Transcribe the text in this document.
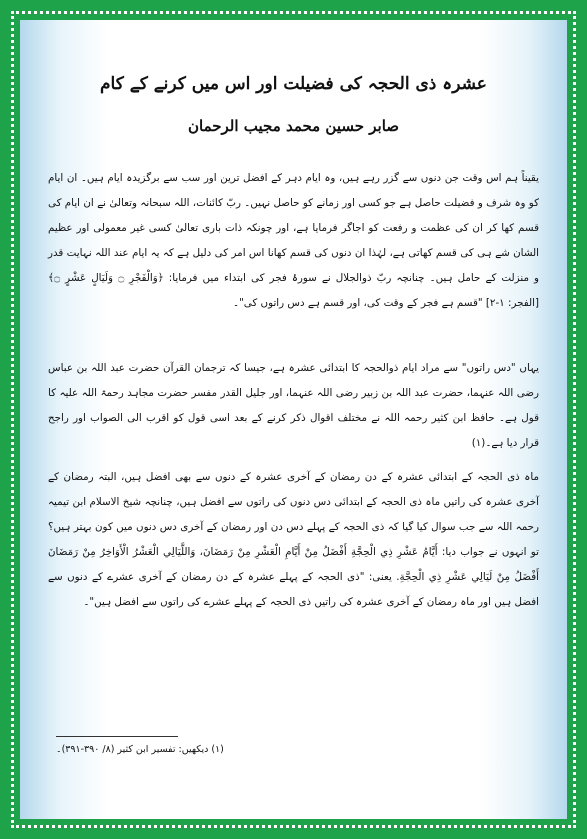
عشرہ ذی الحجہ کی فضیلت اور اس میں کرنے کے کام
صابر حسین محمد مجیب الرحمان
یقیناً ہم اس وقت جن دنوں سے گزر رہے ہیں، وہ ایام دہر کے افضل ترین اور سب سے برگزیدہ ایام ہیں۔ ان ایام کو وہ شرف و فضیلت حاصل ہے جو کسی اور زمانے کو حاصل نہیں۔ ربّ کائنات، اللہ سبحانہ وتعالیٰ نے ان ایام کی قسم کھا کر ان کی عظمت و رفعت کو اجاگر فرمایا ہے، اور چونکہ ذات باری تعالیٰ کسی غیر معمولی اور عظیم الشان شے ہی کی قسم کھاتی ہے، لہٰذا ان دنوں کی قسم کھانا اس امر کی دلیل ہے کہ یہ ایام عند اللہ نہایت قدر و منزلت کے حامل ہیں۔ چنانچہ ربّ ذوالجلال نے سورۂ فجر کی ابتداء میں فرمایا: ﴿وَالْفَجْرِ ۝ وَلَيَالٍ عَشْرٍ ۝﴾ [الفجر: ۱-۲] "قسم ہے فجر کے وقت کی، اور قسم ہے دس راتوں کی"۔
یہاں "دس راتوں" سے مراد ایام ذوالحجہ کا ابتدائی عشرہ ہے، جیسا کہ ترجمان القرآن حضرت عبد اللہ بن عباس رضی اللہ عنہما، حضرت عبد اللہ بن زبیر رضی اللہ عنہما، اور جلیل القدر مفسر حضرت مجاہد رحمۃ اللہ علیہ کا قول ہے۔ حافظ ابن کثیر رحمہ اللہ نے مختلف اقوال ذکر کرنے کے بعد اسی قول کو اقرب الی الصواب اور راجح قرار دیا ہے۔(۱)
ماہ ذی الحجہ کے ابتدائی عشرہ کے دن رمضان کے آخری عشرہ کے دنوں سے بھی افضل ہیں، البتہ رمضان کے آخری عشرہ کی راتیں ماہ ذی الحجہ کے ابتدائی دس دنوں کی راتوں سے افضل ہیں، چنانچہ شیخ الاسلام ابن تیمیہ رحمہ اللہ سے جب سوال کیا گیا کہ ذی الحجہ کے پہلے دس دن اور رمضان کے آخری دس دنوں میں کون بہتر ہیں؟ تو انہوں نے جواب دیا: أَيَّامُ عَشْرِ ذِي الْحِجَّةِ أَفْضَلُ مِنْ أَيَّامِ الْعَشْرِ مِنْ رَمَضَانَ، وَاللَّيَالِي الْعَشْرُ الْأَوَاخِرُ مِنْ رَمَضَانَ أَفْضَلُ مِنْ لَيَالِي عَشْرِ ذِي الْحِجَّةِ. یعنی: "ذی الحجہ کے پہلے عشرہ کے دن رمضان کے آخری عشرے کے دنوں سے افضل ہیں اور ماہ رمضان کے آخری عشرہ کی راتیں ذی الحجہ کے پہلے عشرے کی راتوں سے افضل ہیں"۔
(۱) دیکھیں: تفسیر ابن کثیر (۸/ ۳۹۰-۳۹۱)۔
